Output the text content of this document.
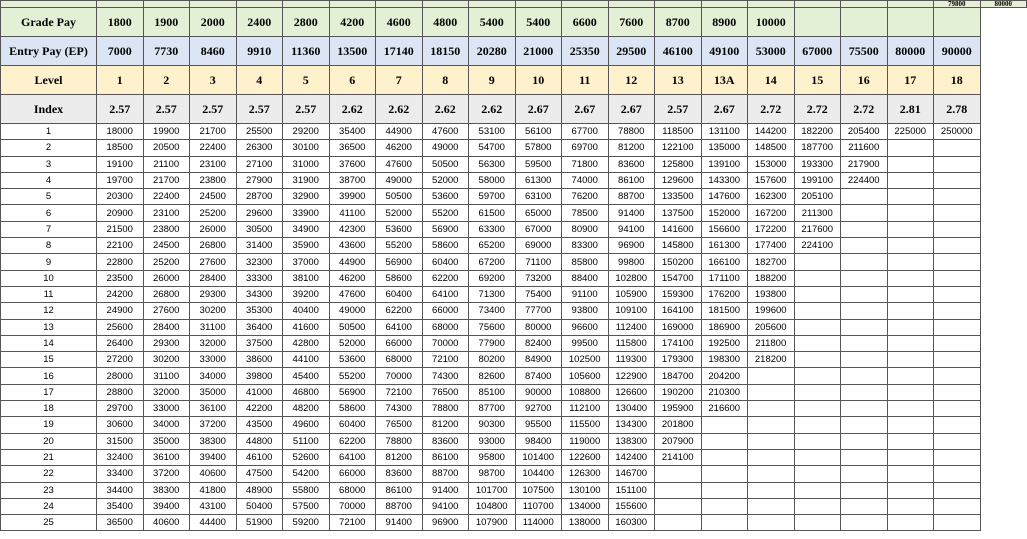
																			79800	80000
Grade Pay	1800	1900	2000	2400	2800	4200	4600	4800	5400	5400	6600	7600	8700	8900	10000					
Entry Pay (EP)	7000	7730	8460	9910	11360	13500	17140	18150	20280	21000	25350	29500	46100	49100	53000	67000	75500	80000	90000	
Level	1	2	3	4	5	6	7	8	9	10	11	12	13	13A	14	15	16	17	18	
Index	2.57	2.57	2.57	2.57	2.57	2.62	2.62	2.62	2.62	2.67	2.67	2.67	2.57	2.67	2.72	2.72	2.72	2.81	2.78	
1	18000	19900	21700	25500	29200	35400	44900	47600	53100	56100	67700	78800	118500	131100	144200	182200	205400	225000	250000	
2	18500	20500	22400	26300	30100	36500	46200	49000	54700	57800	69700	81200	122100	135000	148500	187700	211600			
3	19100	21100	23100	27100	31000	37600	47600	50500	56300	59500	71800	83600	125800	139100	153000	193300	217900			
4	19700	21700	23800	27900	31900	38700	49000	52000	58000	61300	74000	86100	129600	143300	157600	199100	224400			
5	20300	22400	24500	28700	32900	39900	50500	53600	59700	63100	76200	88700	133500	147600	162300	205100				
6	20900	23100	25200	29600	33900	41100	52000	55200	61500	65000	78500	91400	137500	152000	167200	211300				
7	21500	23800	26000	30500	34900	42300	53600	56900	63300	67000	80900	94100	141600	156600	172200	217600				
8	22100	24500	26800	31400	35900	43600	55200	58600	65200	69000	83300	96900	145800	161300	177400	224100				
9	22800	25200	27600	32300	37000	44900	56900	60400	67200	71100	85800	99800	150200	166100	182700					
10	23500	26000	28400	33300	38100	46200	58600	62200	69200	73200	88400	102800	154700	171100	188200					
11	24200	26800	29300	34300	39200	47600	60400	64100	71300	75400	91100	105900	159300	176200	193800					
12	24900	27600	30200	35300	40400	49000	62200	66000	73400	77700	93800	109100	164100	181500	199600					
13	25600	28400	31100	36400	41600	50500	64100	68000	75600	80000	96600	112400	169000	186900	205600					
14	26400	29300	32000	37500	42800	52000	66000	70000	77900	82400	99500	115800	174100	192500	211800					
15	27200	30200	33000	38600	44100	53600	68000	72100	80200	84900	102500	119300	179300	198300	218200					
16	28000	31100	34000	39800	45400	55200	70000	74300	82600	87400	105600	122900	184700	204200						
17	28800	32000	35000	41000	46800	56900	72100	76500	85100	90000	108800	126600	190200	210300						
18	29700	33000	36100	42200	48200	58600	74300	78800	87700	92700	112100	130400	195900	216600						
19	30600	34000	37200	43500	49600	60400	76500	81200	90300	95500	115500	134300	201800							
20	31500	35000	38300	44800	51100	62200	78800	83600	93000	98400	119000	138300	207900							
21	32400	36100	39400	46100	52600	64100	81200	86100	95800	101400	122600	142400	214100							
22	33400	37200	40600	47500	54200	66000	83600	88700	98700	104400	126300	146700								
23	34400	38300	41800	48900	55800	68000	86100	91400	101700	107500	130100	151100								
24	35400	39400	43100	50400	57500	70000	88700	94100	104800	110700	134000	155600								
25	36500	40600	44400	51900	59200	72100	91400	96900	107900	114000	138000	160300								
